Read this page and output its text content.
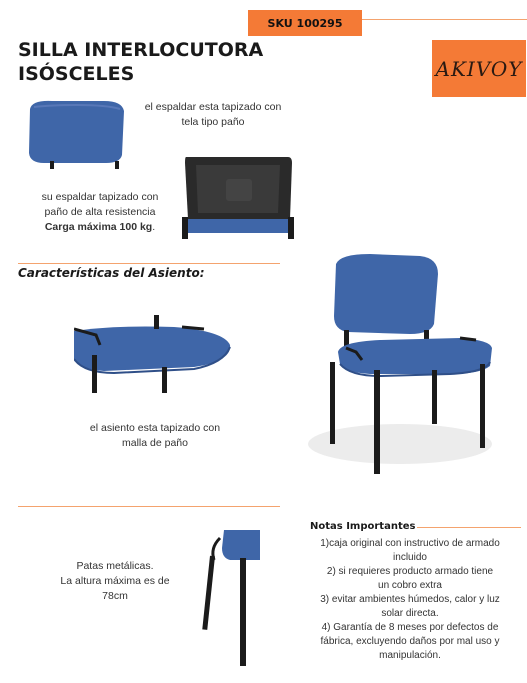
SKU 100295
SILLA INTERLOCUTORA
ISÓSCELES	AKIVOY
el espaldar esta tapizado con
tela tipo paño
su espaldar tapizado con
paño de alta resistencia
Carga máxima 100 kg.
Características del Asiento:
el asiento esta tapizado con
malla de paño
Patas metálicas.
La altura máxima es de
78cm
Notas Importantes
1)caja original con instructivo de armado
incluido
2) si requieres producto armado tiene
un cobro extra
3) evitar ambientes húmedos, calor y luz
solar directa.
4) Garantía de 8 meses por defectos de
fábrica, excluyendo daños por mal uso y
manipulación.
